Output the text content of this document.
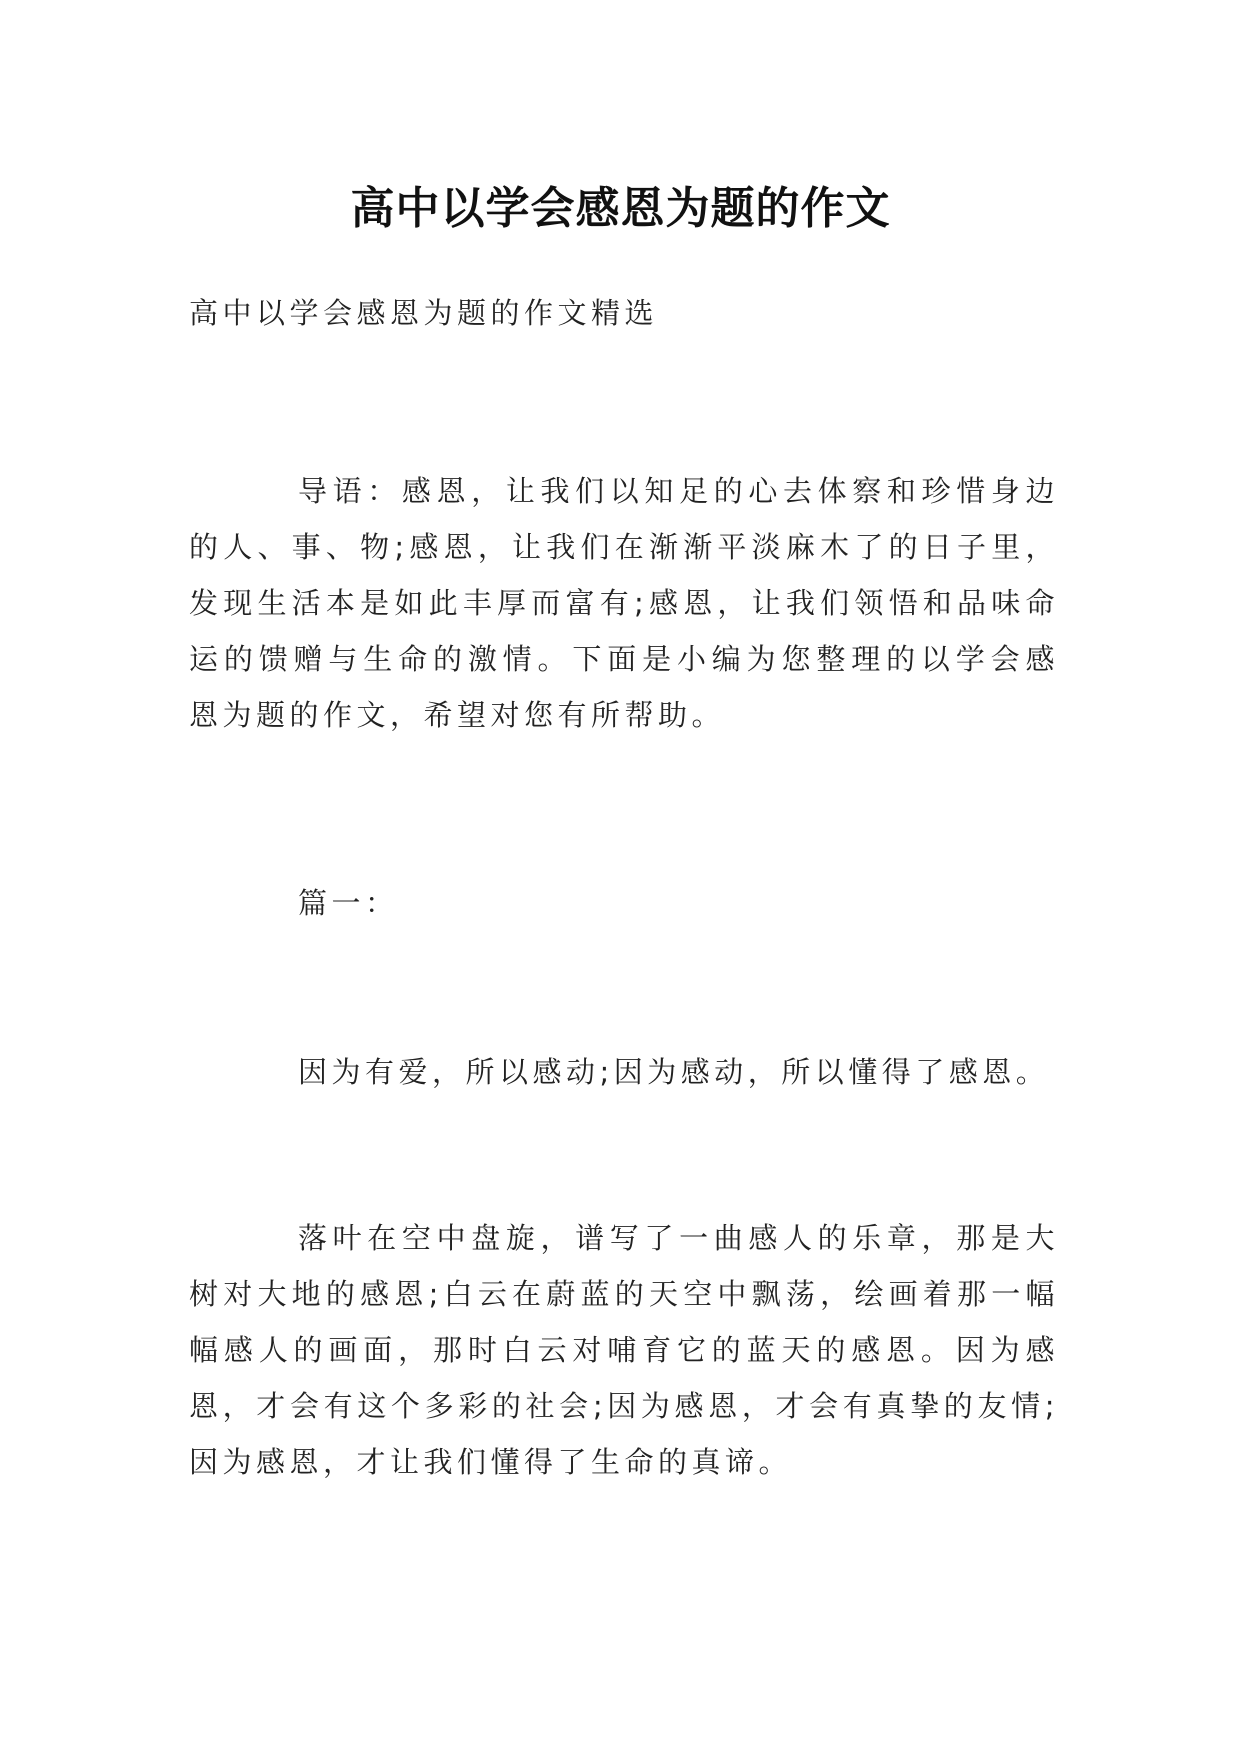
高中以学会感恩为题的作文

高中以学会感恩为题的作文精选

导语：感恩，让我们以知足的心去体察和珍惜身边的人、事、物;感恩，让我们在渐渐平淡麻木了的日子里，发现生活本是如此丰厚而富有;感恩，让我们领悟和品味命运的馈赠与生命的激情。下面是小编为您整理的以学会感恩为题的作文，希望对您有所帮助。

篇一：

因为有爱，所以感动;因为感动，所以懂得了感恩。

落叶在空中盘旋，谱写了一曲感人的乐章，那是大树对大地的感恩;白云在蔚蓝的天空中飘荡，绘画着那一幅幅感人的画面，那时白云对哺育它的蓝天的感恩。因为感恩，才会有这个多彩的社会;因为感恩，才会有真挚的友情;因为感恩，才让我们懂得了生命的真谛。
